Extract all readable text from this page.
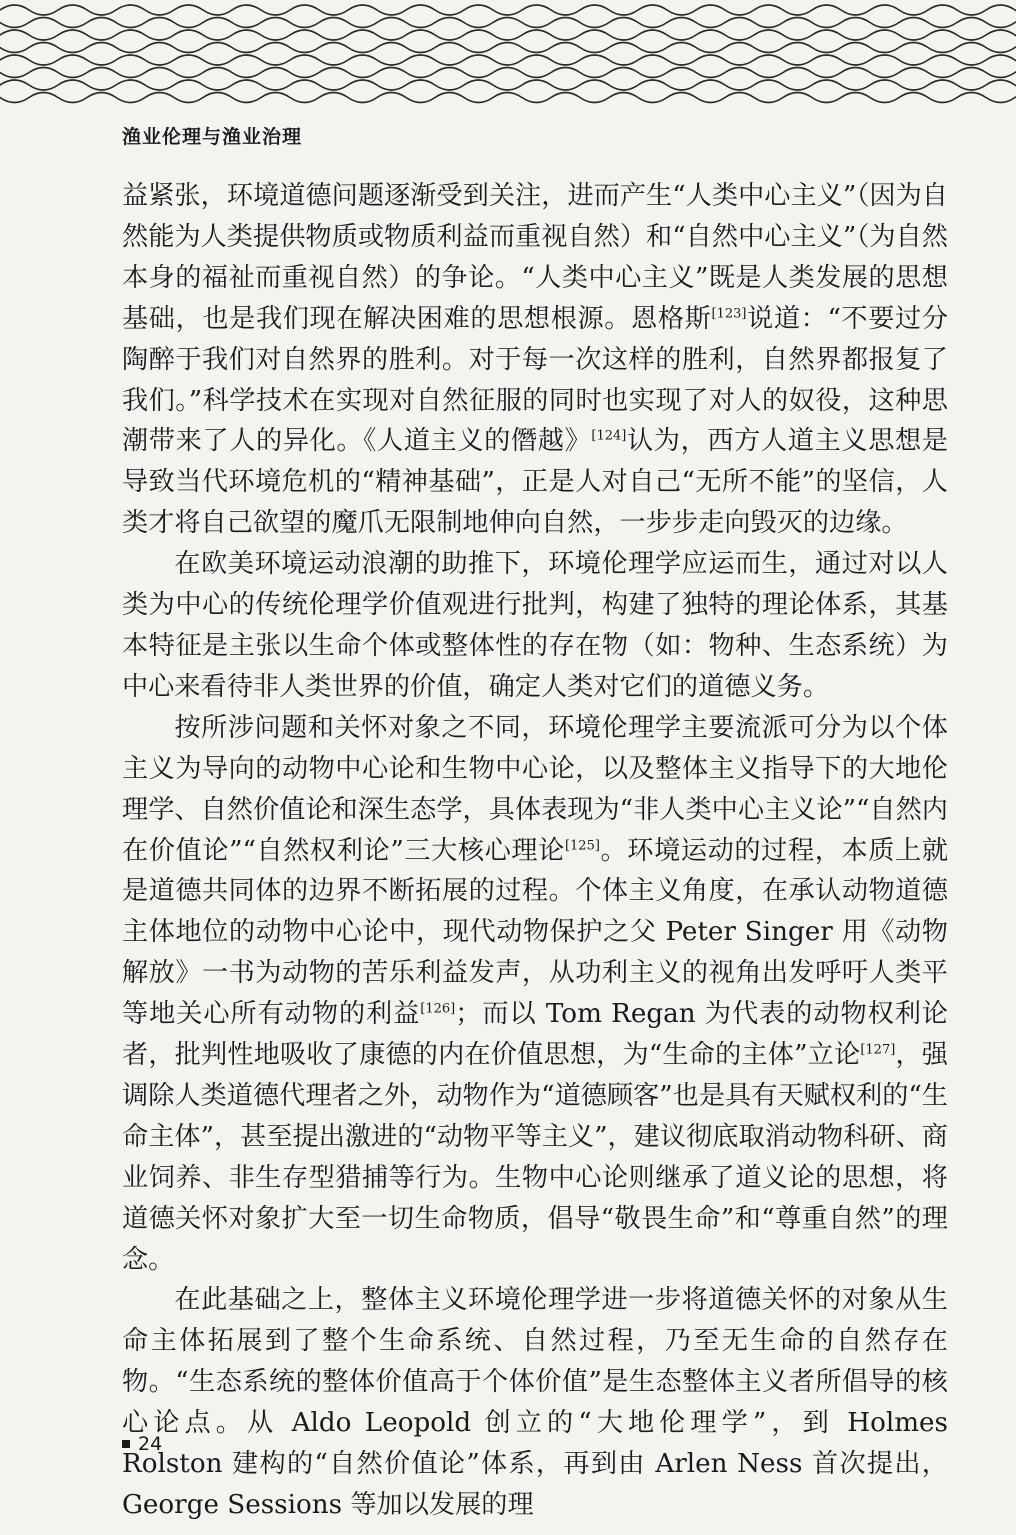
渔业伦理与渔业治理

益紧张，环境道德问题逐渐受到关注，进而产生“人类中心主义”（因为自然能为人类提供物质或物质利益而重视自然）和“自然中心主义”（为自然本身的福祉而重视自然）的争论。“人类中心主义”既是人类发展的思想基础，也是我们现在解决困难的思想根源。恩格斯[123]说道：“不要过分陶醉于我们对自然界的胜利。对于每一次这样的胜利，自然界都报复了我们。”科学技术在实现对自然征服的同时也实现了对人的奴役，这种思潮带来了人的异化。《人道主义的僭越》[124]认为，西方人道主义思想是导致当代环境危机的“精神基础”，正是人对自己“无所不能”的坚信，人类才将自己欲望的魔爪无限制地伸向自然，一步步走向毁灭的边缘。

在欧美环境运动浪潮的助推下，环境伦理学应运而生，通过对以人类为中心的传统伦理学价值观进行批判，构建了独特的理论体系，其基本特征是主张以生命个体或整体性的存在物（如：物种、生态系统）为中心来看待非人类世界的价值，确定人类对它们的道德义务。

按所涉问题和关怀对象之不同，环境伦理学主要流派可分为以个体主义为导向的动物中心论和生物中心论，以及整体主义指导下的大地伦理学、自然价值论和深生态学，具体表现为“非人类中心主义论”“自然内在价值论”“自然权利论”三大核心理论[125]。环境运动的过程，本质上就是道德共同体的边界不断拓展的过程。个体主义角度，在承认动物道德主体地位的动物中心论中，现代动物保护之父 Peter Singer 用《动物解放》一书为动物的苦乐利益发声，从功利主义的视角出发呼吁人类平等地关心所有动物的利益[126]；而以 Tom Regan 为代表的动物权利论者，批判性地吸收了康德的内在价值思想，为“生命的主体”立论[127]，强调除人类道德代理者之外，动物作为“道德顾客”也是具有天赋权利的“生命主体”，甚至提出激进的“动物平等主义”，建议彻底取消动物科研、商业饲养、非生存型猎捕等行为。生物中心论则继承了道义论的思想，将道德关怀对象扩大至一切生命物质，倡导“敬畏生命”和“尊重自然”的理念。

在此基础之上，整体主义环境伦理学进一步将道德关怀的对象从生命主体拓展到了整个生命系统、自然过程，乃至无生命的自然存在物。“生态系统的整体价值高于个体价值”是生态整体主义者所倡导的核心论点。从 Aldo Leopold 创立的“大地伦理学”，到 Holmes Rolston 建构的“自然价值论”体系，再到由 Arlen Ness 首次提出，George Sessions 等加以发展的理

24
